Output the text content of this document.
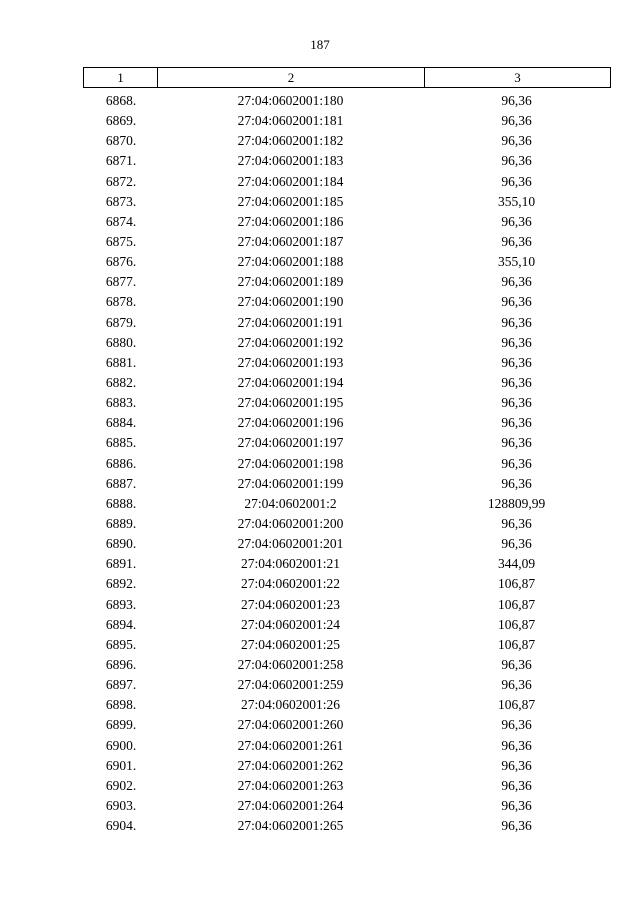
187
1	2	3
6868.	27:04:0602001:180	96,36
6869.	27:04:0602001:181	96,36
6870.	27:04:0602001:182	96,36
6871.	27:04:0602001:183	96,36
6872.	27:04:0602001:184	96,36
6873.	27:04:0602001:185	355,10
6874.	27:04:0602001:186	96,36
6875.	27:04:0602001:187	96,36
6876.	27:04:0602001:188	355,10
6877.	27:04:0602001:189	96,36
6878.	27:04:0602001:190	96,36
6879.	27:04:0602001:191	96,36
6880.	27:04:0602001:192	96,36
6881.	27:04:0602001:193	96,36
6882.	27:04:0602001:194	96,36
6883.	27:04:0602001:195	96,36
6884.	27:04:0602001:196	96,36
6885.	27:04:0602001:197	96,36
6886.	27:04:0602001:198	96,36
6887.	27:04:0602001:199	96,36
6888.	27:04:0602001:2	128809,99
6889.	27:04:0602001:200	96,36
6890.	27:04:0602001:201	96,36
6891.	27:04:0602001:21	344,09
6892.	27:04:0602001:22	106,87
6893.	27:04:0602001:23	106,87
6894.	27:04:0602001:24	106,87
6895.	27:04:0602001:25	106,87
6896.	27:04:0602001:258	96,36
6897.	27:04:0602001:259	96,36
6898.	27:04:0602001:26	106,87
6899.	27:04:0602001:260	96,36
6900.	27:04:0602001:261	96,36
6901.	27:04:0602001:262	96,36
6902.	27:04:0602001:263	96,36
6903.	27:04:0602001:264	96,36
6904.	27:04:0602001:265	96,36
